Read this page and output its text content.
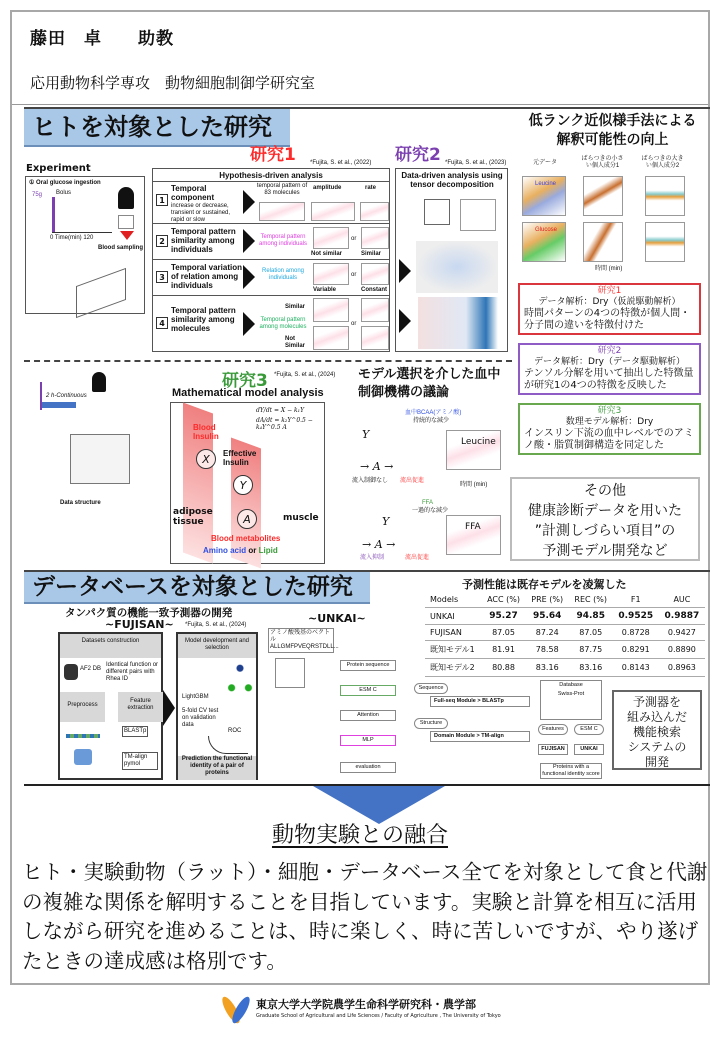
藤田　卓　　助教
応用動物科学専攻　動物細胞制御学研究室
ヒトを対象とした研究
研究1	研究2
*Fujita, S. et al., (2022)	*Fujita, S. et al., (2023)
Experiment
① Oral glucose ingestion
75g Bolus
0 Time(min) 120
Blood sampling
Hypothesis-driven analysis
1
Temporal component
increase or decrease, transient or sustained, rapid or slow
temporal pattern of 83 molecules
amplitude	rate
2
Temporal pattern similarity among individuals
Temporal pattern among individuals
or
Not similar	Similar
3
Temporal variation of relation among individuals
Relation among individuals	or
Variable	Constant
4
Temporal pattern similarity among molecules
Temporal pattern among molecules
Similar
Not Similar
or
Data-driven analysis using tensor decomposition
低ランク近似様手法による解釈可能性の向上
元データ
ばらつきの小さい個人成分1
ばらつきの大きい個人成分2
Leucine
Glucose
時間 (min)
研究1
データ解析：Dry（仮説駆動解析）
時間パターンの4つの特徴が個人間・分子間の違いを特徴付けた
研究2
データ解析：Dry（データ駆動解析）
テンソル分解を用いて抽出した特徴量が研究1の4つの特徴を反映した
研究3
数理モデル解析：Dry
インスリン下流の血中レベルでのアミノ酸・脂質制御構造を同定した
2 h-Continuous
Data structure
研究3 *Fujita, S. et al., (2024)
Mathematical model analysis
dY/dt = X − k₁Y
dA/dt = k₂Y^0.5 − k₄Y^0.5 A
Blood Insulin
X	Effective Insulin
Y
A
adipose tissue	muscle
Blood metabolites
Amino acid or Lipid
モデル選択を介した血中制御機構の議論
血中BCAA(アミノ酸)
持続的な減少
Y
→ A →
流入制御なし 流出促進
Leucine
時間 (min)
FFA
一過的な減少
Y
→ A →
流入抑制	流出促進
FFA
その他
健康診断データを用いた
”計測しづらい項目”の
予測モデル開発など
データベースを対象とした研究
タンパク質の機能一致予測器の開発
~FUJISAN~ *Fujita, S. et al., (2024)
Datasets construction
AF2 DB
Identical function or different pairs with Rhea ID
Preprocess
Feature extraction
BLASTp
TM-align pymol
Model development and selection
LightGBM
5-fold CV test on validation data
ROC
Prediction the functional identity of a pair of proteins
~UNKAI~
アミノ酸残基のベクトル ALLGMFPVEQRSTDLL...
Protein sequence
ESM C
Attention
MLP
evaluation
予測性能は既存モデルを凌駕した
Models	ACC (%)	PRE (%)	REC (%)	F1	AUC
UNKAI	95.27	95.64	94.85	0.9525	0.9887
FUJISAN	87.05	87.24	87.05	0.8728	0.9427
既知モデル1	81.91	78.58	87.75	0.8291	0.8890
既知モデル2	80.88	83.16	83.16	0.8143	0.8963
Sequence
Full-seq Module > BLASTp
Structure
Domain Module > TM-align
Database
Swiss-Prot
Features	ESM C
FUJISAN	UNKAI
Proteins with a functional identity score
予測器を
組み込んだ
機能検索
システムの
開発
動物実験との融合
ヒト・実験動物（ラット）・細胞・データベース全てを対象として食と代謝の複雑な関係を解明することを目指しています。実験と計算を相互に活用しながら研究を進めることは、時に楽しく、時に苦しいですが、やり遂げたときの達成感は格別です。
東京大学大学院農学生命科学研究科・農学部
Graduate School of Agricultural and Life Sciences / Faculty of Agriculture , The University of Tokyo
